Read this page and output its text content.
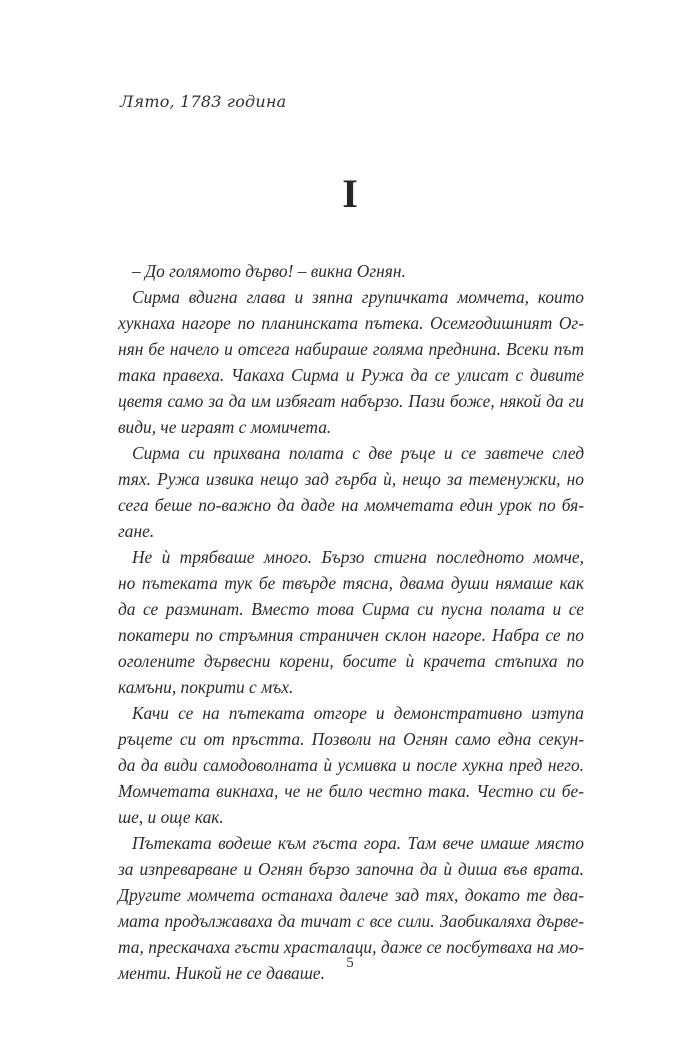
Лято, 1783 година
I

– До голямото дърво! – викна Огнян.

Сирма вдигна глава и зяпна групичката момчета, които
хукнаха нагоре по планинската пътека. Осемгодишният Ог-
нян бе начело и отсега набираше голяма преднина. Всеки път
така правеха. Чакаха Сирма и Ружа да се улисат с дивите
цветя само за да им избягат набързо. Пази боже, някой да ги
види, че играят с момичета.

Сирма си прихвана полата с две ръце и се завтече след
тях. Ружа извика нещо зад гърба ѝ, нещо за теменужки, но
сега беше по-важно да даде на момчетата един урок по бя-
гане.

Не ѝ трябваше много. Бързо стигна последното момче,
но пътеката тук бе твърде тясна, двама души нямаше как
да се разминат. Вместо това Сирма си пусна полата и се
покатери по стръмния страничен склон нагоре. Набра се по
оголените дървесни корени, босите ѝ крачета стъпиха по
камъни, покрити с мъх.

Качи се на пътеката отгоре и демонстративно изтупа
ръцете си от пръстта. Позволи на Огнян само една секун-
да да види самодоволната ѝ усмивка и после хукна пред него.
Момчетата викнаха, че не било честно така. Честно си бе-
ше, и още как.

Пътеката водеше към гъста гора. Там вече имаше място
за изпреварване и Огнян бързо започна да ѝ диша във врата.
Другите момчета останаха далече зад тях, докато те двa-
мата продължаваха да тичат с все сили. Заобикаляха дърве-
та, прескачаха гъсти храсталаци, даже се посбутваха на мо-
менти. Никой не се даваше.	5
